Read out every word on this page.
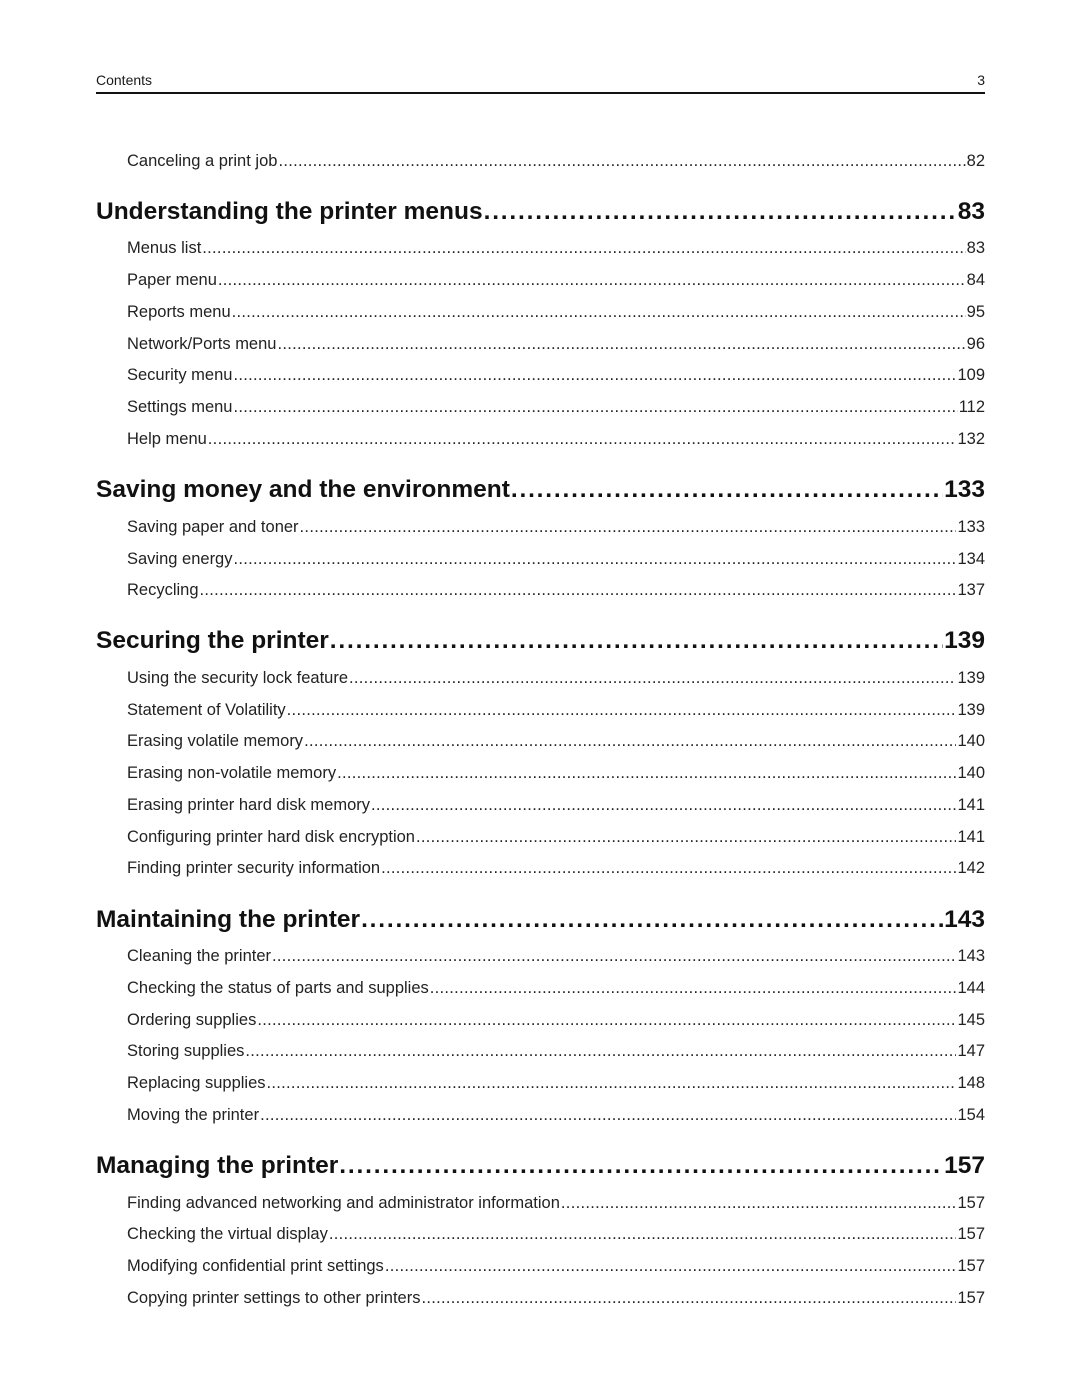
Contents	3
Canceling a print job .....	82
Understanding the printer menus .....	83
Menus list .....	83
Paper menu .....	84
Reports menu .....	95
Network/Ports menu .....	96
Security menu .....	109
Settings menu .....	112
Help menu .....	132
Saving money and the environment .....	133
Saving paper and toner .....	133
Saving energy .....	134
Recycling .....	137
Securing the printer .....	139
Using the security lock feature .....	139
Statement of Volatility .....	139
Erasing volatile memory .....	140
Erasing non-volatile memory .....	140
Erasing printer hard disk memory .....	141
Configuring printer hard disk encryption .....	141
Finding printer security information .....	142
Maintaining the printer .....	143
Cleaning the printer .....	143
Checking the status of parts and supplies .....	144
Ordering supplies .....	145
Storing supplies .....	147
Replacing supplies .....	148
Moving the printer .....	154
Managing the printer .....	157
Finding advanced networking and administrator information .....	157
Checking the virtual display .....	157
Modifying confidential print settings .....	157
Copying printer settings to other printers .....	157
